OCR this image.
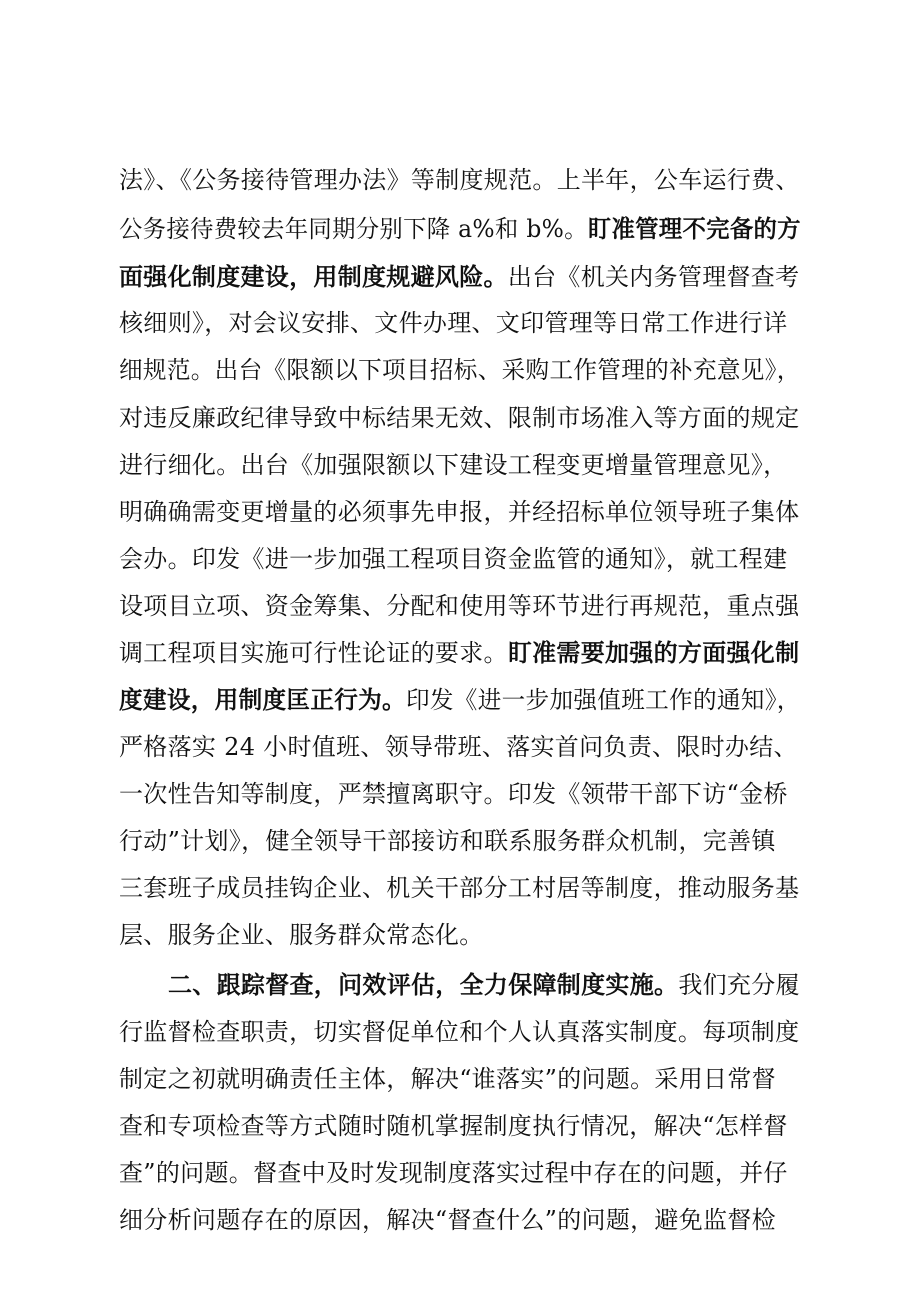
法》、《公务接待管理办法》等制度规范。上半年，公车运行费、
公务接待费较去年同期分别下降 a%和 b%。盯准管理不完备的方
面强化制度建设，用制度规避风险。出台《机关内务管理督查考
核细则》，对会议安排、文件办理、文印管理等日常工作进行详
细规范。出台《限额以下项目招标、采购工作管理的补充意见》，
对违反廉政纪律导致中标结果无效、限制市场准入等方面的规定
进行细化。出台《加强限额以下建设工程变更增量管理意见》，
明确确需变更增量的必须事先申报，并经招标单位领导班子集体
会办。印发《进一步加强工程项目资金监管的通知》，就工程建
设项目立项、资金筹集、分配和使用等环节进行再规范，重点强
调工程项目实施可行性论证的要求。盯准需要加强的方面强化制
度建设，用制度匡正行为。印发《进一步加强值班工作的通知》，
严格落实 24 小时值班、领导带班、落实首问负责、限时办结、
一次性告知等制度，严禁擅离职守。印发《领带干部下访“金桥
行动”计划》，健全领导干部接访和联系服务群众机制，完善镇
三套班子成员挂钩企业、机关干部分工村居等制度，推动服务基
层、服务企业、服务群众常态化。
二、跟踪督查，问效评估，全力保障制度实施。我们充分履
行监督检查职责，切实督促单位和个人认真落实制度。每项制度
制定之初就明确责任主体，解决“谁落实”的问题。采用日常督
查和专项检查等方式随时随机掌握制度执行情况，解决“怎样督
查”的问题。督查中及时发现制度落实过程中存在的问题，并仔
细分析问题存在的原因，解决“督查什么”的问题，避免监督检
